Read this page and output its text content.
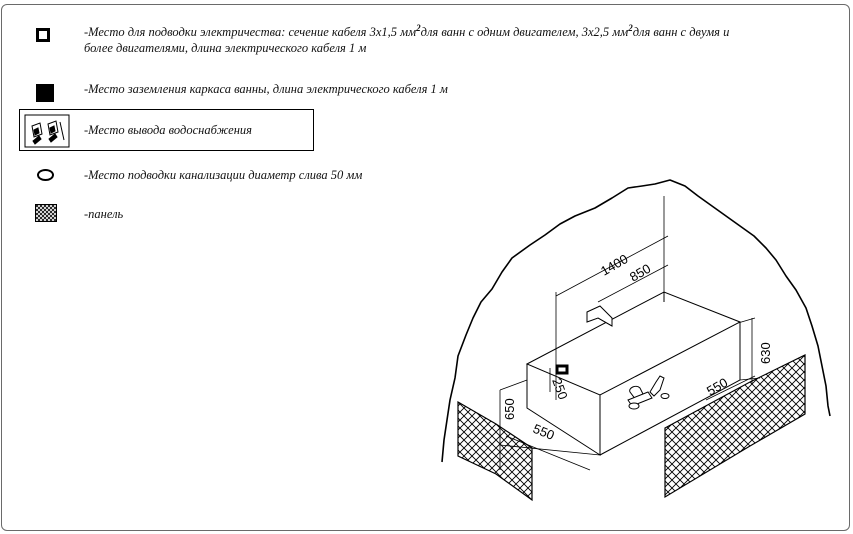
-Место для подводки электричества: сечение кабеля 3х1,5 $мм^2для$ ванн с одним двигателем, 3х2,5 $мм^2для$ ванн с двумя и
более двигателями, длина электрического кабеля 1 м
-Место заземления каркаса ванны, длина электрического кабеля 1 м
-Место вывода водоснабжения
-Место подводки канализации диаметр слива 50 мм
-панель
1400
850
630
550
550
650
250
